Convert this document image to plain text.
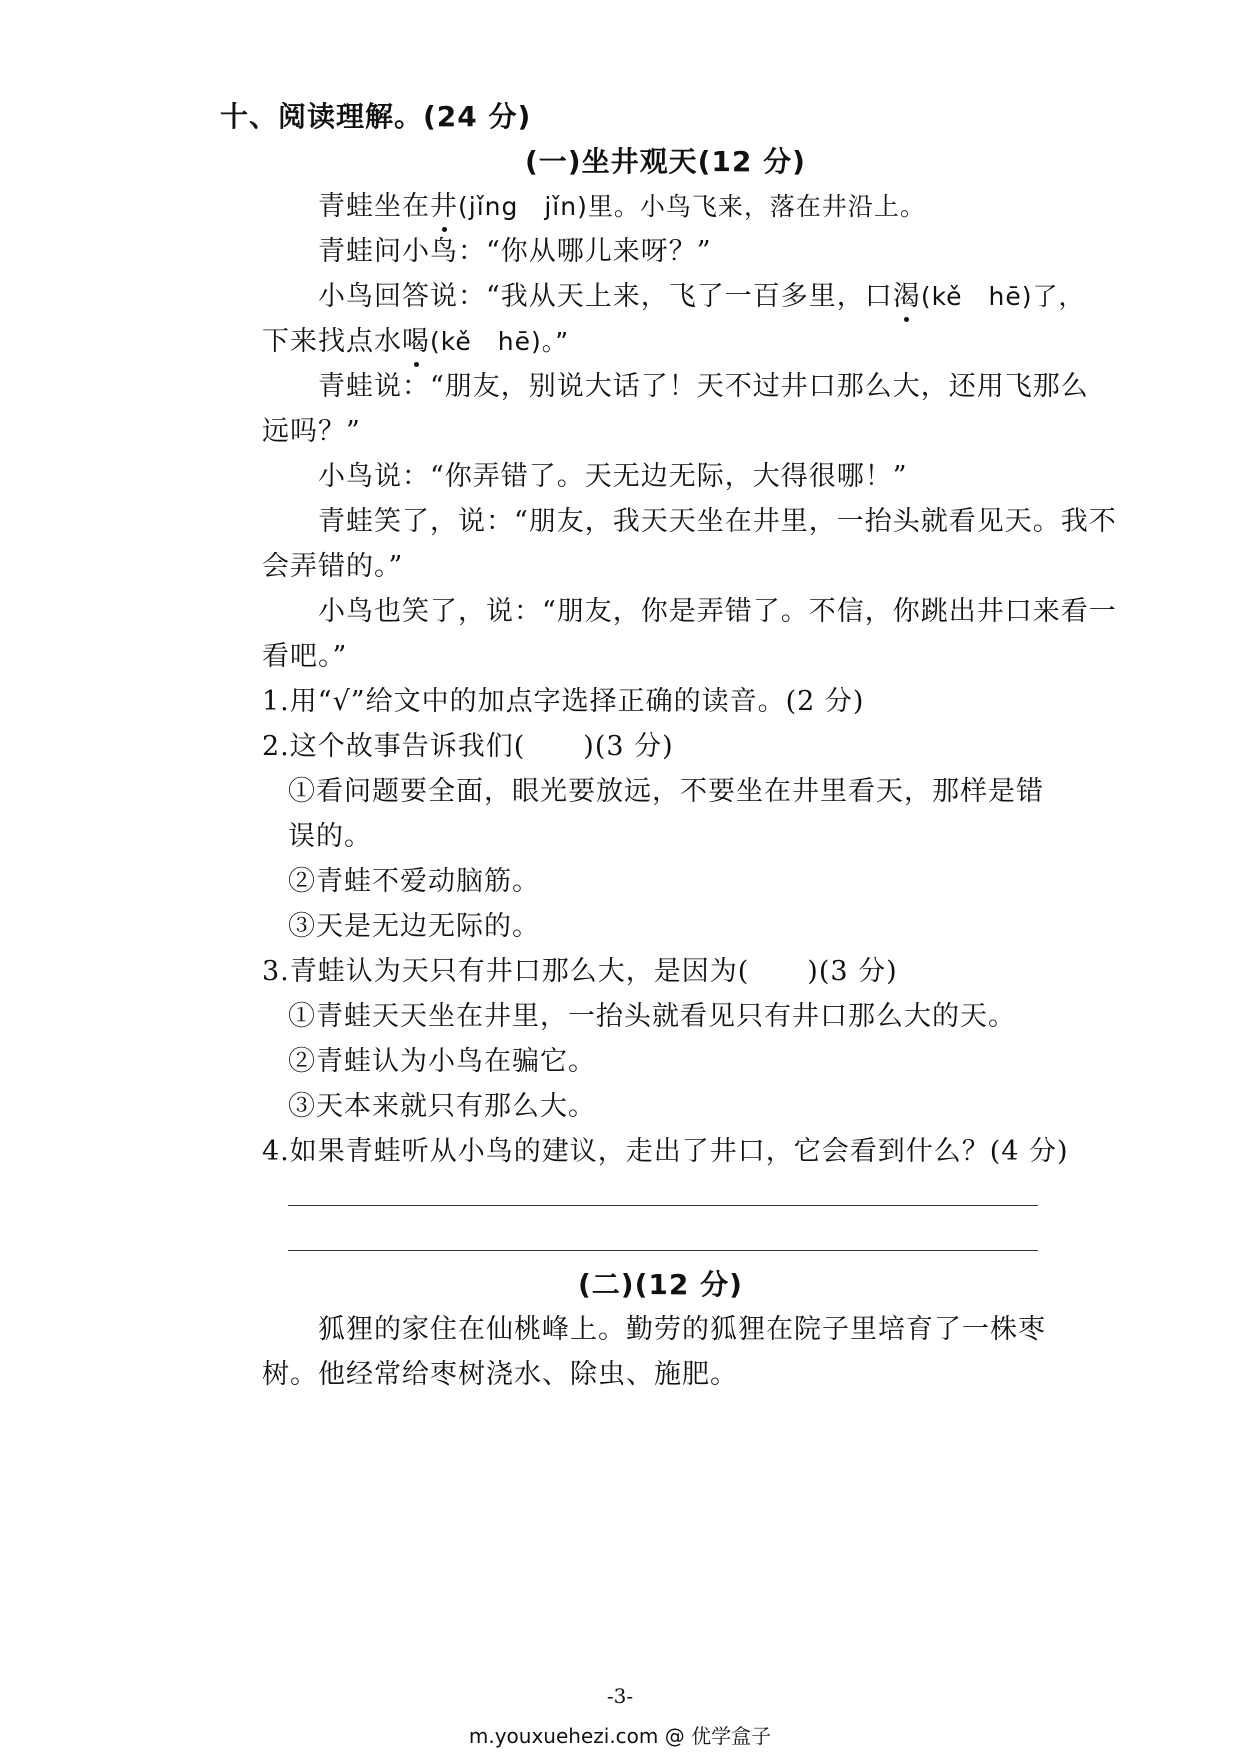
十、阅读理解。(24 分)
(一)坐井观天(12 分)
青蛙坐在井(jǐng　jǐn)里。小鸟飞来，落在井沿上。
青蛙问小鸟：“你从哪儿来呀？”
小鸟回答说：“我从天上来，飞了一百多里，口渴(kě　hē)了，
下来找点水喝(kě　hē)。”
青蛙说：“朋友，别说大话了！天不过井口那么大，还用飞那么
远吗？”
小鸟说：“你弄错了。天无边无际，大得很哪！”
青蛙笑了，说：“朋友，我天天坐在井里，一抬头就看见天。我不
会弄错的。”
小鸟也笑了，说：“朋友，你是弄错了。不信，你跳出井口来看一
看吧。”
1.用“√”给文中的加点字选择正确的读音。(2 分)
2.这个故事告诉我们( )(3 分)
①看问题要全面，眼光要放远，不要坐在井里看天，那样是错
误的。
②青蛙不爱动脑筋。
③天是无边无际的。
3.青蛙认为天只有井口那么大，是因为( )(3 分)
①青蛙天天坐在井里，一抬头就看见只有井口那么大的天。
②青蛙认为小鸟在骗它。
③天本来就只有那么大。
4.如果青蛙听从小鸟的建议，走出了井口，它会看到什么？(4 分)
(二)(12 分)
狐狸的家住在仙桃峰上。勤劳的狐狸在院子里培育了一株枣
树。他经常给枣树浇水、除虫、施肥。
-3-
m.youxuehezi.com @ 优学盒子
